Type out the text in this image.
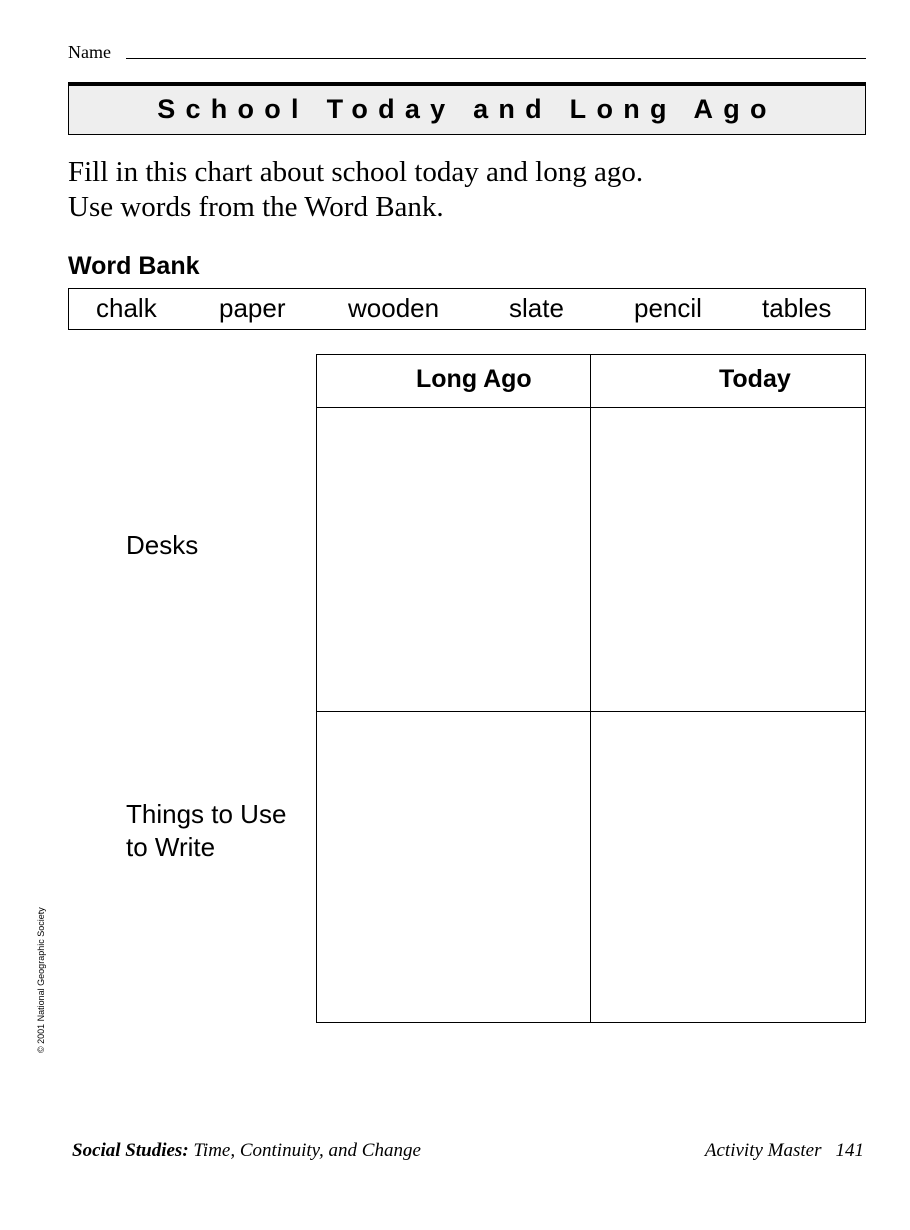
Name
School Today and Long Ago
Fill in this chart about school today and long ago.
Use words from the Word Bank.
Word Bank
chalk paper wooden	slate	pencil tables
Long Ago	Today
Desks
Things to Use
to Write
© 2001 National Geographic Society
Social Studies: Time, Continuity, and Change	Activity Master 141
